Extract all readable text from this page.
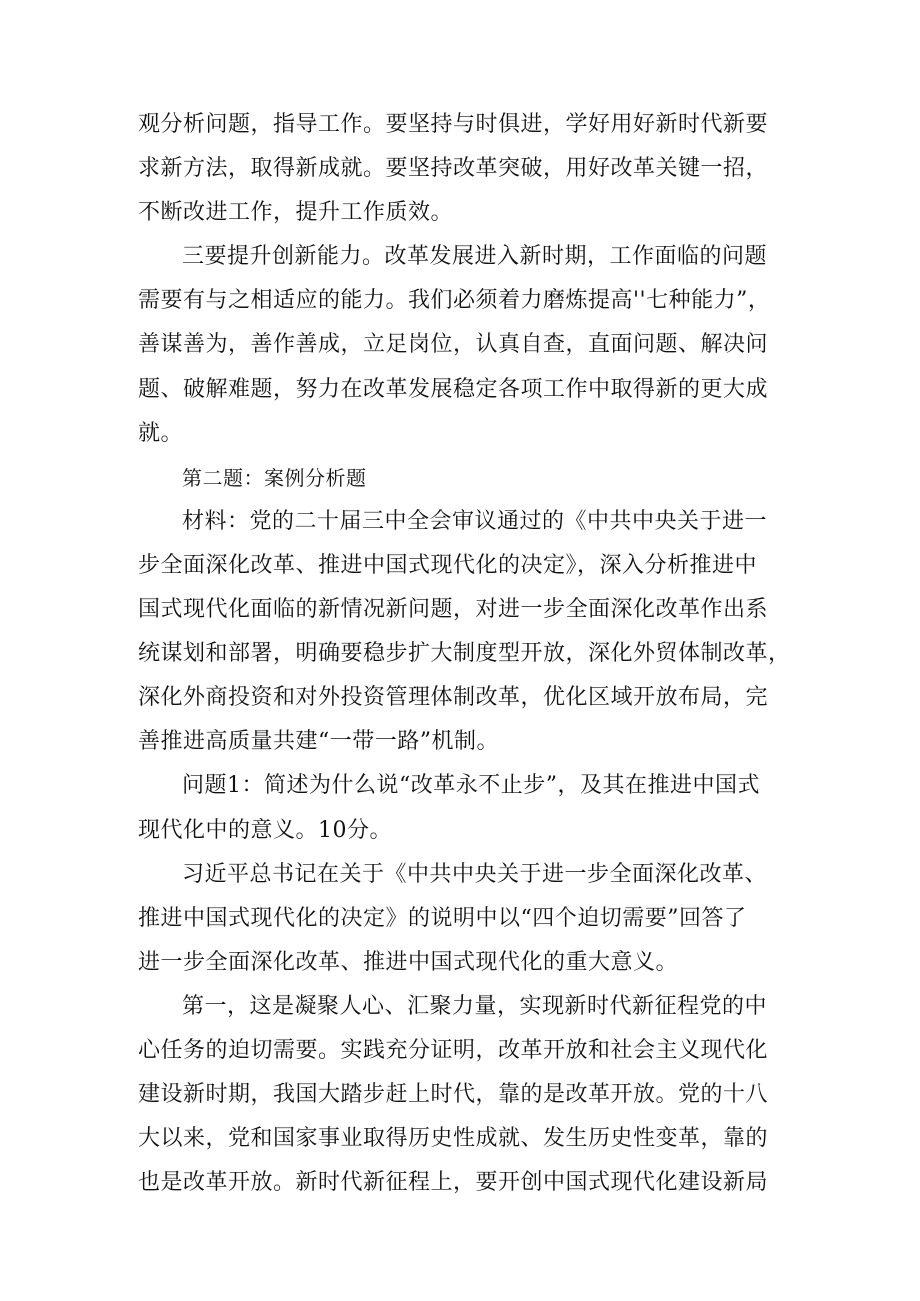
观分析问题，指导工作。要坚持与时俱进，学好用好新时代新要
求新方法，取得新成就。要坚持改革突破，用好改革关键一招，
不断改进工作，提升工作质效。
三要提升创新能力。改革发展进入新时期，工作面临的问题
需要有与之相适应的能力。我们必须着力磨炼提高''七种能力”，
善谋善为，善作善成，立足岗位，认真自查，直面问题、解决问
题、破解难题，努力在改革发展稳定各项工作中取得新的更大成
就。
第二题：案例分析题
材料：党的二十届三中全会审议通过的《中共中央关于进一
步全面深化改革、推进中国式现代化的决定》，深入分析推进中
国式现代化面临的新情况新问题，对进一步全面深化改革作出系
统谋划和部署，明确要稳步扩大制度型开放，深化外贸体制改革，
深化外商投资和对外投资管理体制改革，优化区域开放布局，完
善推进高质量共建“一带一路”机制。
问题1：简述为什么说“改革永不止步”，及其在推进中国式
现代化中的意义。10分。
习近平总书记在关于《中共中央关于进一步全面深化改革、
推进中国式现代化的决定》的说明中以“四个迫切需要”回答了
进一步全面深化改革、推进中国式现代化的重大意义。
第一，这是凝聚人心、汇聚力量，实现新时代新征程党的中
心任务的迫切需要。实践充分证明，改革开放和社会主义现代化
建设新时期，我国大踏步赶上时代，靠的是改革开放。党的十八
大以来，党和国家事业取得历史性成就、发生历史性变革，靠的
也是改革开放。新时代新征程上，要开创中国式现代化建设新局
